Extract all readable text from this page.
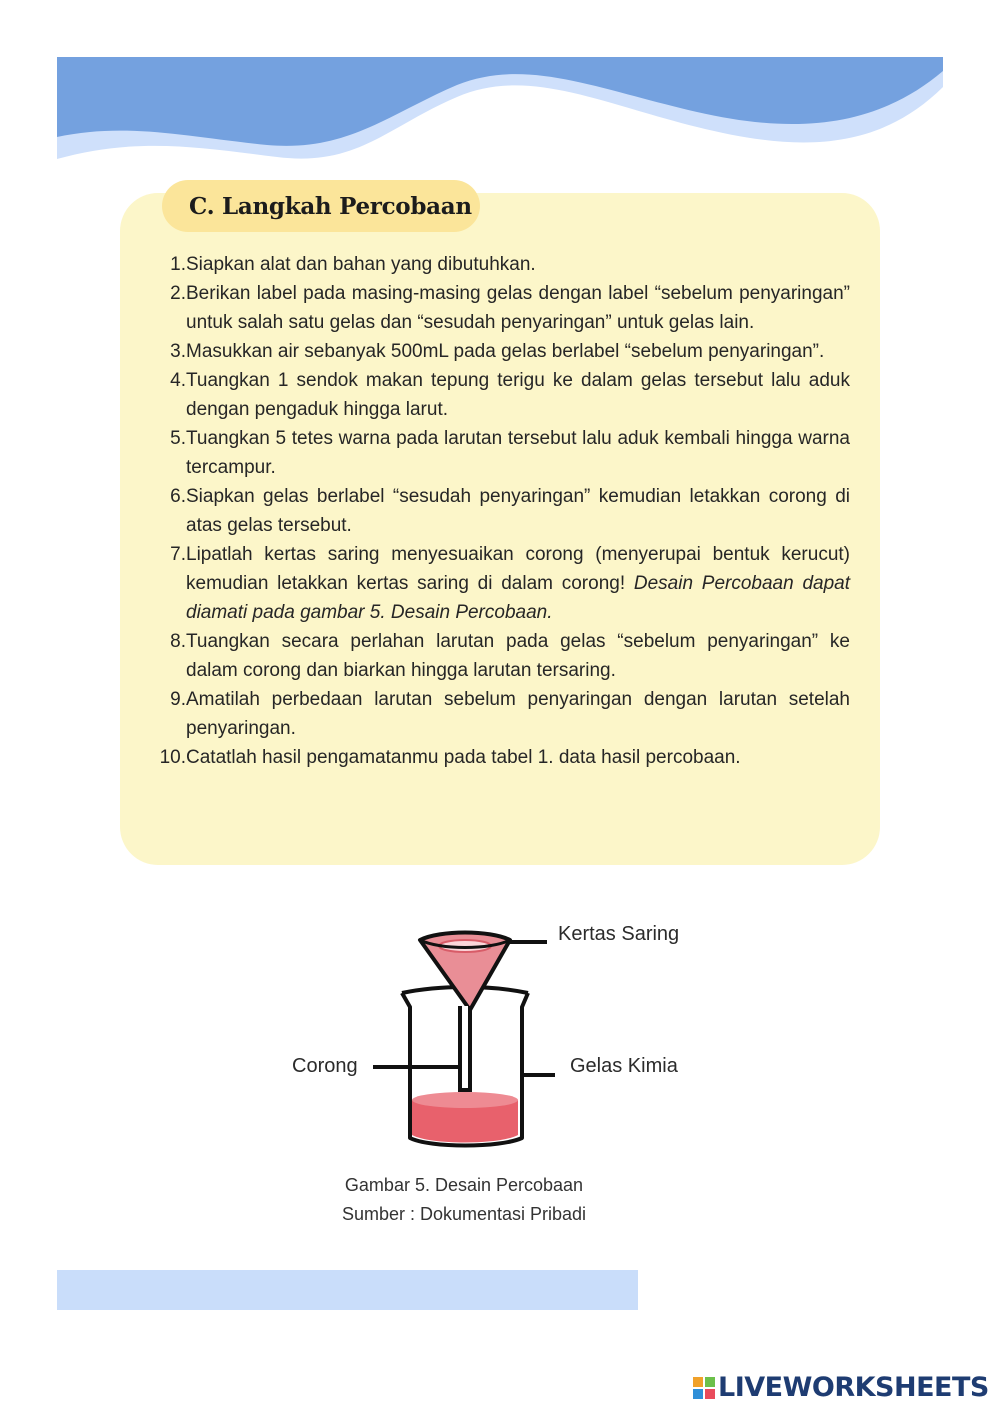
C. Langkah Percobaan
1. Siapkan alat dan bahan yang dibutuhkan.
2. Berikan label pada masing-masing gelas dengan label “sebelum penyaringan” untuk salah satu gelas dan “sesudah penyaringan” untuk gelas lain.
3. Masukkan air sebanyak 500mL pada gelas berlabel “sebelum penyaringan”.
4. Tuangkan 1 sendok makan tepung terigu ke dalam gelas tersebut lalu aduk dengan pengaduk hingga larut.
5. Tuangkan 5 tetes warna pada larutan tersebut lalu aduk kembali hingga warna tercampur.
6. Siapkan gelas berlabel “sesudah penyaringan” kemudian letakkan corong di atas gelas tersebut.
7. Lipatlah kertas saring menyesuaikan corong (menyerupai bentuk kerucut) kemudian letakkan kertas saring di dalam corong! Desain Percobaan dapat diamati pada gambar 5. Desain Percobaan.
8. Tuangkan secara perlahan larutan pada gelas “sebelum penyaringan” ke dalam corong dan biarkan hingga larutan tersaring.
9. Amatilah perbedaan larutan sebelum penyaringan dengan larutan setelah penyaringan.
10. Catatlah hasil pengamatanmu pada tabel 1. data hasil percobaan.
Kertas Saring
Corong	Gelas Kimia
Gambar 5. Desain Percobaan
Sumber : Dokumentasi Pribadi
LIVEWORKSHEETS
